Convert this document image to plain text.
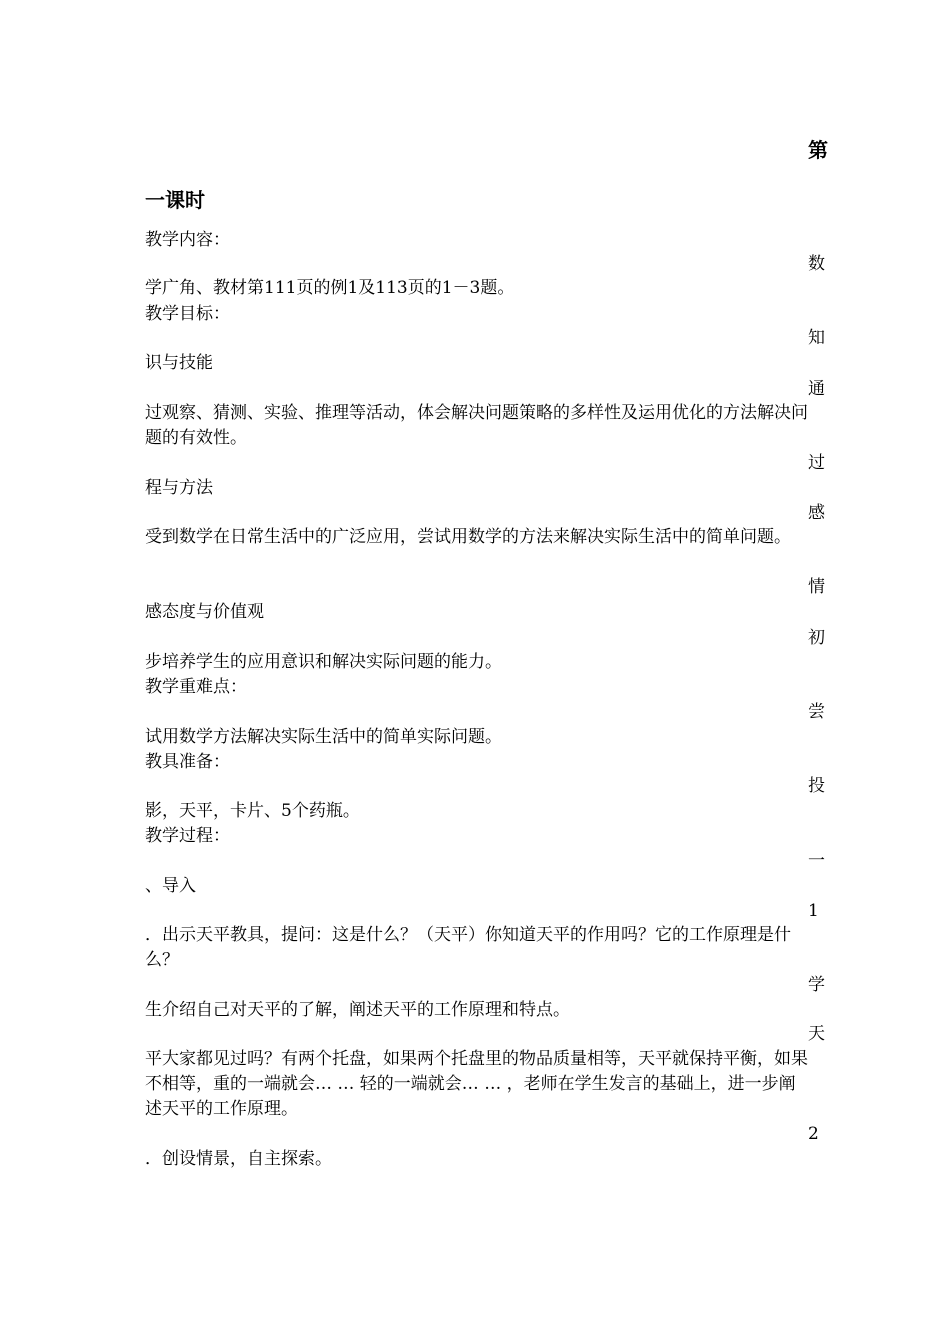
第
一课时
教学内容：
数
学广角、教材第111页的例1及113页的1－3题。
教学目标：
知
识与技能
通
过观察、猜测、实验、推理等活动，体会解决问题策略的多样性及运用优化的方法解决问题的有效性。
过
程与方法
感
受到数学在日常生活中的广泛应用，尝试用数学的方法来解决实际生活中的简单问题。
情
感态度与价值观
初
步培养学生的应用意识和解决实际问题的能力。
教学重难点：
尝
试用数学方法解决实际生活中的简单实际问题。
教具准备：
投
影，天平，卡片、5个药瓶。
教学过程：
一
、导入
1
．出示天平教具，提问：这是什么？（天平）你知道天平的作用吗？它的工作原理是什么？
学
生介绍自己对天平的了解，阐述天平的工作原理和特点。
天
平大家都见过吗？有两个托盘，如果两个托盘里的物品质量相等，天平就保持平衡，如果不相等，重的一端就会… … 轻的一端就会… … ，老师在学生发言的基础上，进一步阐述天平的工作原理。
2
．创设情景，自主探索。
